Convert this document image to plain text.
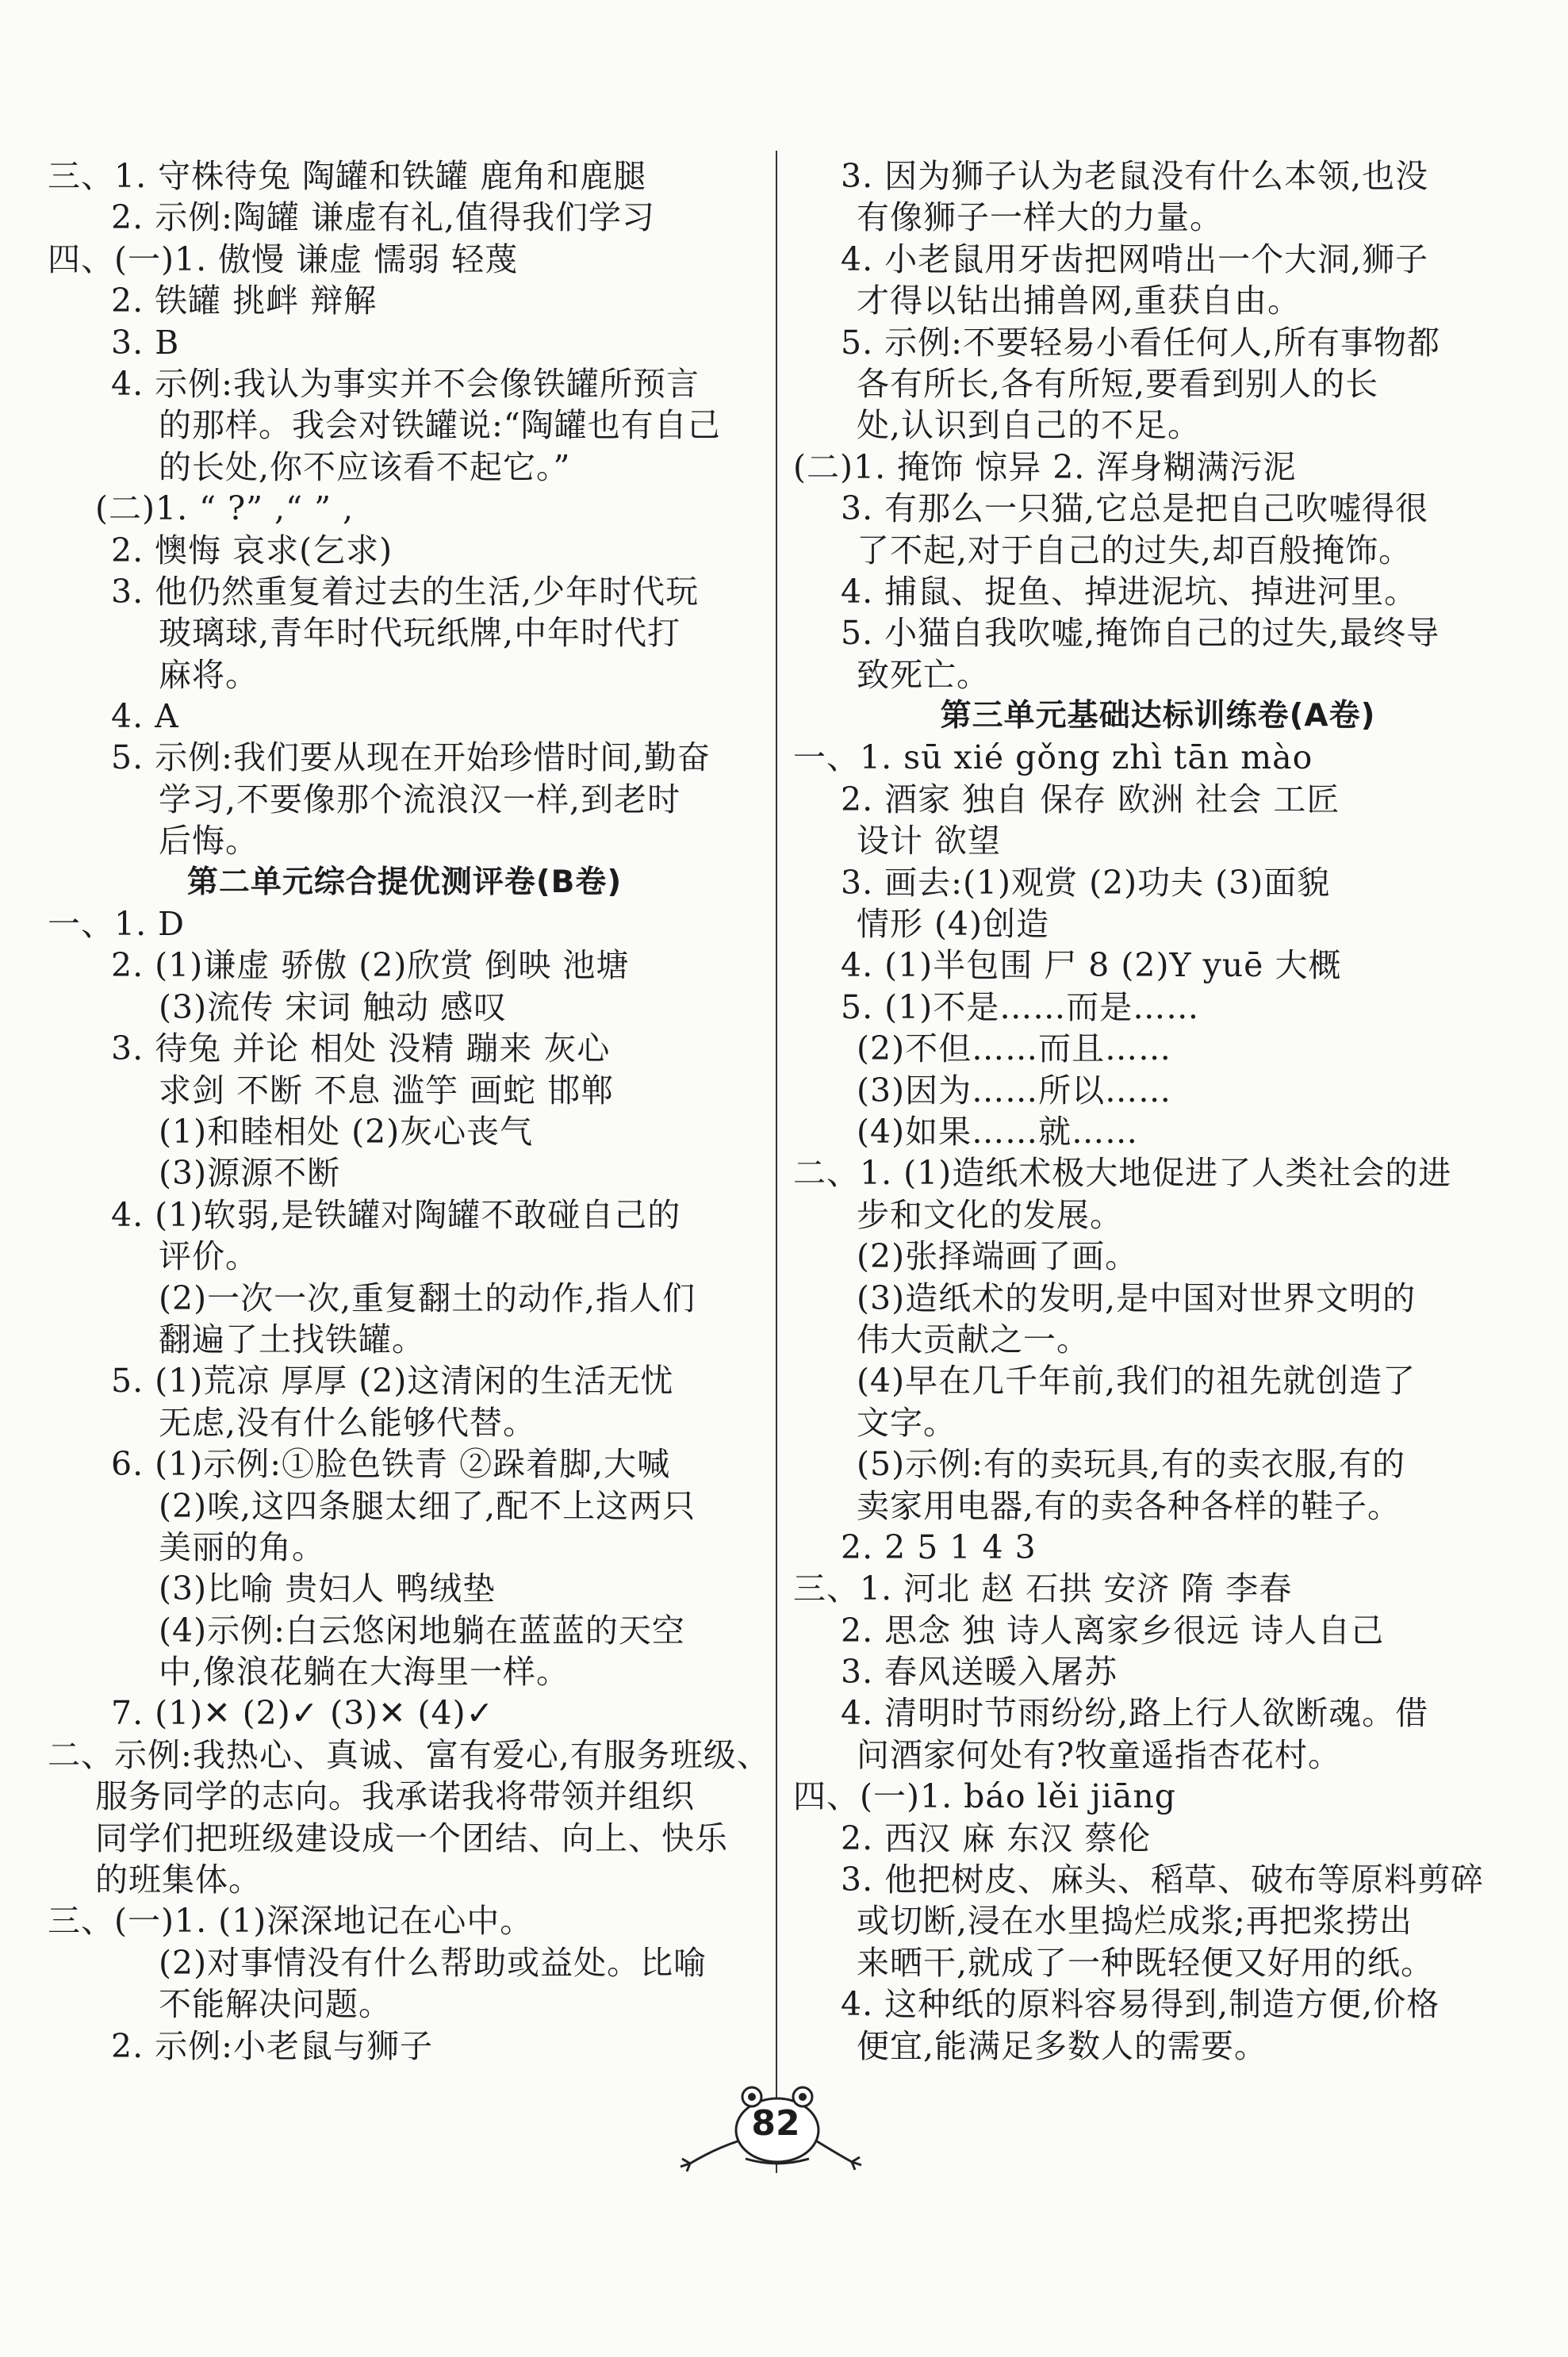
三、1. 守株待兔 陶罐和铁罐 鹿角和鹿腿
2. 示例:陶罐 谦虚有礼,值得我们学习
四、(一)1. 傲慢 谦虚 懦弱 轻蔑
2. 铁罐 挑衅 辩解
3. B
4. 示例:我认为事实并不会像铁罐所预言
的那样。我会对铁罐说:“陶罐也有自己
的长处,你不应该看不起它。”
(二)1. “ ?” ,“ ” ,
2. 懊悔 哀求(乞求)
3. 他仍然重复着过去的生活,少年时代玩
玻璃球,青年时代玩纸牌,中年时代打
麻将。
4. A
5. 示例:我们要从现在开始珍惜时间,勤奋
学习,不要像那个流浪汉一样,到老时
后悔。
第二单元综合提优测评卷(B卷)
一、1. D
2. (1)谦虚 骄傲 (2)欣赏 倒映 池塘
(3)流传 宋词 触动 感叹
3. 待兔 并论 相处 没精 蹦来 灰心
求剑 不断 不息 滥竽 画蛇 邯郸
(1)和睦相处 (2)灰心丧气
(3)源源不断
4. (1)软弱,是铁罐对陶罐不敢碰自己的
评价。
(2)一次一次,重复翻土的动作,指人们
翻遍了土找铁罐。
5. (1)荒凉 厚厚 (2)这清闲的生活无忧
无虑,没有什么能够代替。
6. (1)示例:①脸色铁青 ②跺着脚,大喊
(2)唉,这四条腿太细了,配不上这两只
美丽的角。
(3)比喻 贵妇人 鸭绒垫
(4)示例:白云悠闲地躺在蓝蓝的天空
中,像浪花躺在大海里一样。
7. (1)✕ (2)✓ (3)✕ (4)✓
二、示例:我热心、真诚、富有爱心,有服务班级、
服务同学的志向。我承诺我将带领并组织
同学们把班级建设成一个团结、向上、快乐
的班集体。
三、(一)1. (1)深深地记在心中。
(2)对事情没有什么帮助或益处。比喻
不能解决问题。
2. 示例:小老鼠与狮子
3. 因为狮子认为老鼠没有什么本领,也没
有像狮子一样大的力量。
4. 小老鼠用牙齿把网啃出一个大洞,狮子
才得以钻出捕兽网,重获自由。
5. 示例:不要轻易小看任何人,所有事物都
各有所长,各有所短,要看到别人的长
处,认识到自己的不足。
(二)1. 掩饰 惊异 2. 浑身糊满污泥
3. 有那么一只猫,它总是把自己吹嘘得很
了不起,对于自己的过失,却百般掩饰。
4. 捕鼠、捉鱼、掉进泥坑、掉进河里。
5. 小猫自我吹嘘,掩饰自己的过失,最终导
致死亡。
第三单元基础达标训练卷(A卷)
一、1. sū xié gǒng zhì tān mào
2. 酒家 独自 保存 欧洲 社会 工匠
设计 欲望
3. 画去:(1)观赏 (2)功夫 (3)面貌
情形 (4)创造
4. (1)半包围 尸 8 (2)Y yuē 大概
5. (1)不是……而是……
(2)不但……而且……
(3)因为……所以……
(4)如果……就……
二、1. (1)造纸术极大地促进了人类社会的进
步和文化的发展。
(2)张择端画了画。
(3)造纸术的发明,是中国对世界文明的
伟大贡献之一。
(4)早在几千年前,我们的祖先就创造了
文字。
(5)示例:有的卖玩具,有的卖衣服,有的
卖家用电器,有的卖各种各样的鞋子。
2. 2 5 1 4 3
三、1. 河北 赵 石拱 安济 隋 李春
2. 思念 独 诗人离家乡很远 诗人自己
3. 春风送暖入屠苏
4. 清明时节雨纷纷,路上行人欲断魂。借
问酒家何处有?牧童遥指杏花村。
四、(一)1. báo lěi jiāng
2. 西汉 麻 东汉 蔡伦
3. 他把树皮、麻头、稻草、破布等原料剪碎
或切断,浸在水里捣烂成浆;再把浆捞出
来晒干,就成了一种既轻便又好用的纸。
4. 这种纸的原料容易得到,制造方便,价格
便宜,能满足多数人的需要。
82
